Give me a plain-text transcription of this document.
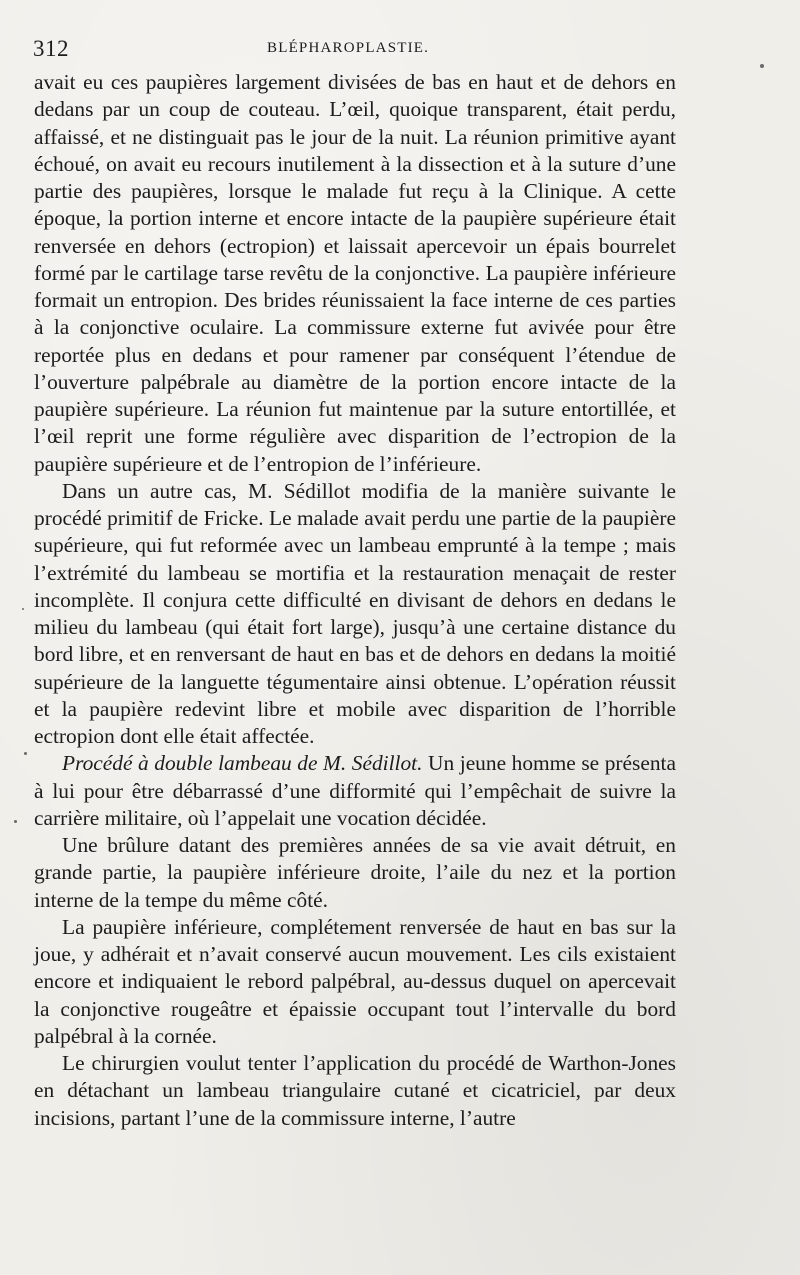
312	BLÉPHAROPLASTIE.

avait eu ces paupières largement divisées de bas en haut et de dehors en dedans par un coup de couteau. L’œil, quoique transparent, était perdu, affaissé, et ne distinguait pas le jour de la nuit. La réunion primitive ayant échoué, on avait eu recours inutilement à la dissection et à la suture d’une partie des paupières, lorsque le malade fut reçu à la Clinique. A cette époque, la portion interne et encore intacte de la paupière supérieure était renversée en dehors (ectropion) et laissait apercevoir un épais bourrelet formé par le cartilage tarse revêtu de la conjonctive. La paupière inférieure formait un entropion. Des brides réunissaient la face interne de ces parties à la conjonctive oculaire. La commissure externe fut avivée pour être reportée plus en dedans et pour ramener par conséquent l’étendue de l’ouverture palpébrale au diamètre de la portion encore intacte de la paupière supérieure. La réunion fut maintenue par la suture entortillée, et l’œil reprit une forme régulière avec disparition de l’ectropion de la paupière supérieure et de l’entropion de l’inférieure.

Dans un autre cas, M. Sédillot modifia de la manière suivante le procédé primitif de Fricke. Le malade avait perdu une partie de la paupière supérieure, qui fut reformée avec un lambeau emprunté à la tempe ; mais l’extrémité du lambeau se mortifia et la restauration menaçait de rester incomplète. Il conjura cette difficulté en divisant de dehors en dedans le milieu du lambeau (qui était fort large), jusqu’à une certaine distance du bord libre, et en renversant de haut en bas et de dehors en dedans la moitié supérieure de la languette tégumentaire ainsi obtenue. L’opération réussit et la paupière redevint libre et mobile avec disparition de l’horrible ectropion dont elle était affectée.

Procédé à double lambeau de M. Sédillot. Un jeune homme se présenta à lui pour être débarrassé d’une difformité qui l’empêchait de suivre la carrière militaire, où l’appelait une vocation décidée.

Une brûlure datant des premières années de sa vie avait détruit, en grande partie, la paupière inférieure droite, l’aile du nez et la portion interne de la tempe du même côté.

La paupière inférieure, complétement renversée de haut en bas sur la joue, y adhérait et n’avait conservé aucun mouvement. Les cils existaient encore et indiquaient le rebord palpébral, au-dessus duquel on apercevait la conjonctive rougeâtre et épaissie occupant tout l’intervalle du bord palpébral à la cornée.

Le chirurgien voulut tenter l’application du procédé de Warthon-Jones en détachant un lambeau triangulaire cutané et cicatriciel, par deux incisions, partant l’une de la commissure interne, l’autre
